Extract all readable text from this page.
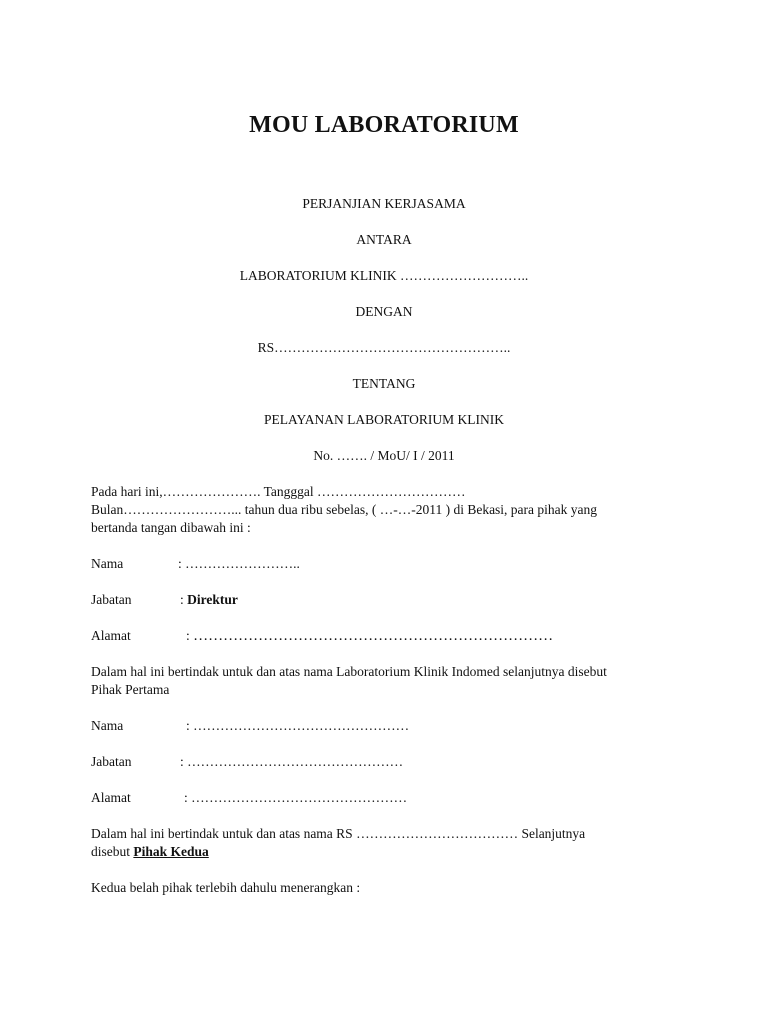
MOU LABORATORIUM
PERJANJIAN KERJASAMA
ANTARA
LABORATORIUM KLINIK ………………………..
DENGAN
RS……………………………………………..
TENTANG
PELAYANAN LABORATORIUM KLINIK
No. ……. / MoU/ I / 2011
Pada hari ini,…………………. Tangggal ……………………………
Bulan……………………... tahun dua ribu sebelas, ( …-…-2011 ) di Bekasi, para pihak yang
bertanda tangan dibawah ini :
Nama	: ……………………..
Jabatan	: Direktur
Alamat	: ………………………………………………………………
Dalam hal ini bertindak untuk dan atas nama Laboratorium Klinik Indomed selanjutnya disebut
Pihak Pertama
Nama	: …………………………………………
Jabatan	: …………………………………………
Alamat	: …………………………………………
Dalam hal ini bertindak untuk dan atas nama RS ……………………………… Selanjutnya
disebut Pihak Kedua
Kedua belah pihak terlebih dahulu menerangkan :
